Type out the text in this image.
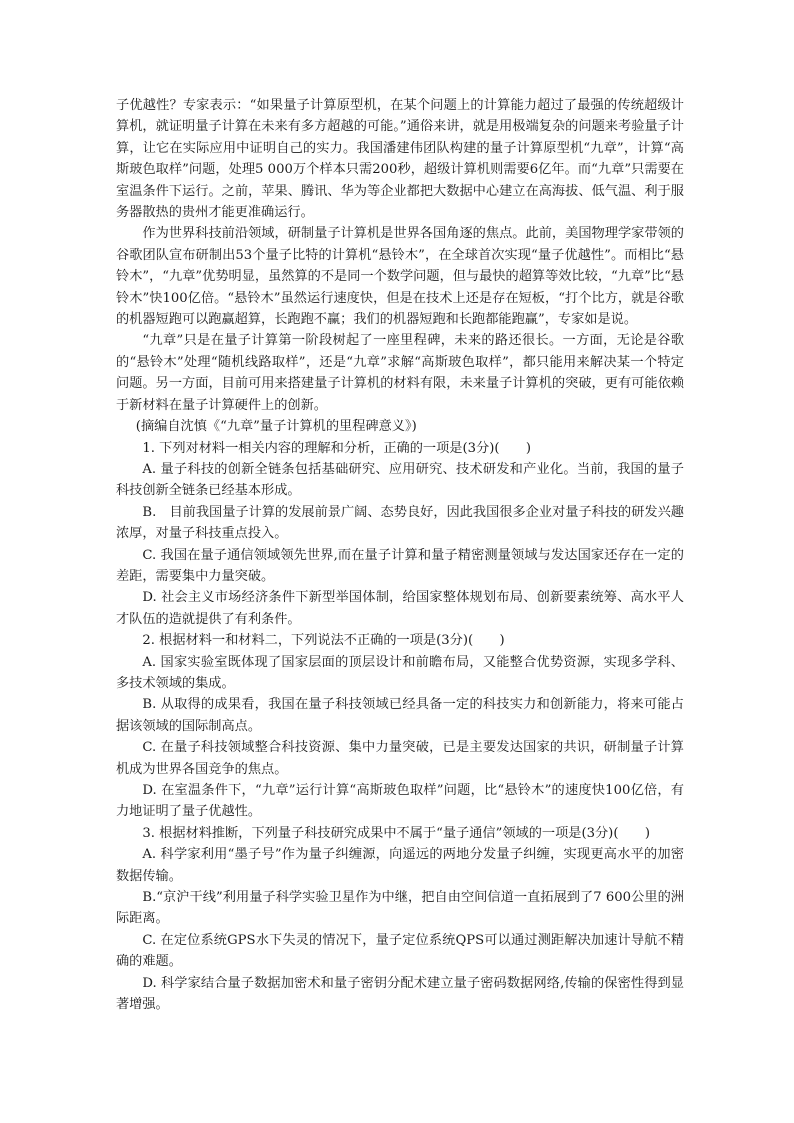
子优越性？专家表示：“如果量子计算原型机，在某个问题上的计算能力超过了最强的传统超级计算机，就证明量子计算在未来有多方超越的可能。”通俗来讲，就是用极端复杂的问题来考验量子计算，让它在实际应用中证明自己的实力。我国潘建伟团队构建的量子计算原型机“九章”，计算“高斯玻色取样”问题，处理5 000万个样本只需200秒，超级计算机则需要6亿年。而“九章”只需要在室温条件下运行。之前，苹果、腾讯、华为等企业都把大数据中心建立在高海拔、低气温、利于服务器散热的贵州才能更准确运行。

作为世界科技前沿领域，研制量子计算机是世界各国角逐的焦点。此前，美国物理学家带领的谷歌团队宣布研制出53个量子比特的计算机“悬铃木”，在全球首次实现“量子优越性”。而相比“悬铃木”，“九章”优势明显，虽然算的不是同一个数学问题，但与最快的超算等效比较，“九章”比“悬铃木”快100亿倍。“悬铃木”虽然运行速度快，但是在技术上还是存在短板，“打个比方，就是谷歌的机器短跑可以跑赢超算，长跑跑不赢；我们的机器短跑和长跑都能跑赢”，专家如是说。

“九章”只是在量子计算第一阶段树起了一座里程碑，未来的路还很长。一方面，无论是谷歌的“悬铃木”处理“随机线路取样”，还是“九章”求解“高斯玻色取样”，都只能用来解决某一个特定问题。另一方面，目前可用来搭建量子计算机的材料有限，未来量子计算机的突破，更有可能依赖于新材料在量子计算硬件上的创新。

(摘编自沈慎《“九章”量子计算机的里程碑意义》)

1. 下列对材料一相关内容的理解和分析，正确的一项是(3分)(　　)

A. 量子科技的创新全链条包括基础研究、应用研究、技术研发和产业化。当前，我国的量子科技创新全链条已经基本形成。

B.　目前我国量子计算的发展前景广阔、态势良好，因此我国很多企业对量子科技的研发兴趣浓厚，对量子科技重点投入。

C. 我国在量子通信领域领先世界,而在量子计算和量子精密测量领域与发达国家还存在一定的差距，需要集中力量突破。

D. 社会主义市场经济条件下新型举国体制，给国家整体规划布局、创新要素统筹、高水平人才队伍的造就提供了有利条件。

2. 根据材料一和材料二，下列说法不正确的一项是(3分)(　　)

A. 国家实验室既体现了国家层面的顶层设计和前瞻布局，又能整合优势资源，实现多学科、多技术领域的集成。

B. 从取得的成果看，我国在量子科技领域已经具备一定的科技实力和创新能力，将来可能占据该领域的国际制高点。

C. 在量子科技领域整合科技资源、集中力量突破，已是主要发达国家的共识，研制量子计算机成为世界各国竞争的焦点。

D. 在室温条件下，“九章”运行计算“高斯玻色取样”问题，比“悬铃木”的速度快100亿倍，有力地证明了量子优越性。

3. 根据材料推断，下列量子科技研究成果中不属于“量子通信”领域的一项是(3分)(　　)

A. 科学家利用“墨子号”作为量子纠缠源，向遥远的两地分发量子纠缠，实现更高水平的加密数据传输。

B.“京沪干线”利用量子科学实验卫星作为中继，把自由空间信道一直拓展到了7 600公里的洲际距离。

C. 在定位系统GPS水下失灵的情况下，量子定位系统QPS可以通过测距解决加速计导航不精确的难题。

D. 科学家结合量子数据加密术和量子密钥分配术建立量子密码数据网络,传输的保密性得到显著增强。
